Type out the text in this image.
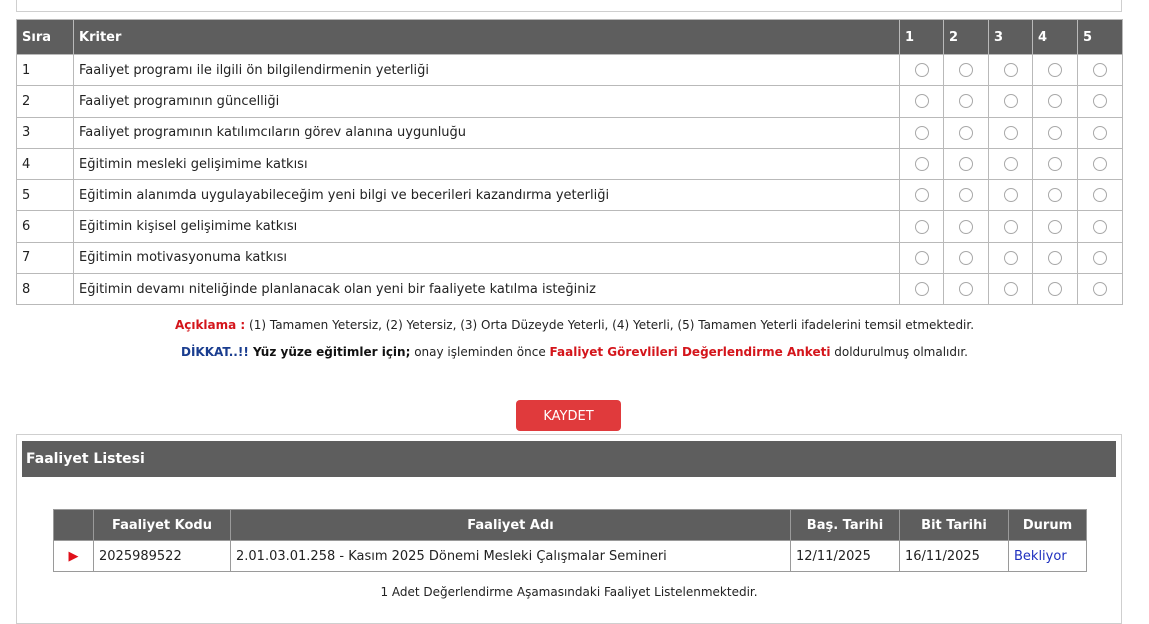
Sıra	Kriter	1	2	3	4	5
1	Faaliyet programı ile ilgili ön bilgilendirmenin yeterliği					
2	Faaliyet programının güncelliği					
3	Faaliyet programının katılımcıların görev alanına uygunluğu					
4	Eğitimin mesleki gelişimime katkısı					
5	Eğitimin alanımda uygulayabileceğim yeni bilgi ve becerileri kazandırma yeterliği					
6	Eğitimin kişisel gelişimime katkısı					
7	Eğitimin motivasyonuma katkısı					
8	Eğitimin devamı niteliğinde planlanacak olan yeni bir faaliyete katılma isteğiniz					
Açıklama : (1) Tamamen Yetersiz, (2) Yetersiz, (3) Orta Düzeyde Yeterli, (4) Yeterli, (5) Tamamen Yeterli ifadelerini temsil etmektedir.
DİKKAT..!! Yüz yüze eğitimler için; onay işleminden önce Faaliyet Görevlileri Değerlendirme Anketi doldurulmuş olmalıdır.
KAYDET
Faaliyet Listesi
	Faaliyet Kodu	Faaliyet Adı	Baş. Tarihi	Bit Tarihi	Durum
▶	2025989522	2.01.03.01.258 - Kasım 2025 Dönemi Mesleki Çalışmalar Semineri	12/11/2025	16/11/2025	Bekliyor
1 Adet Değerlendirme Aşamasındaki Faaliyet Listelenmektedir.
